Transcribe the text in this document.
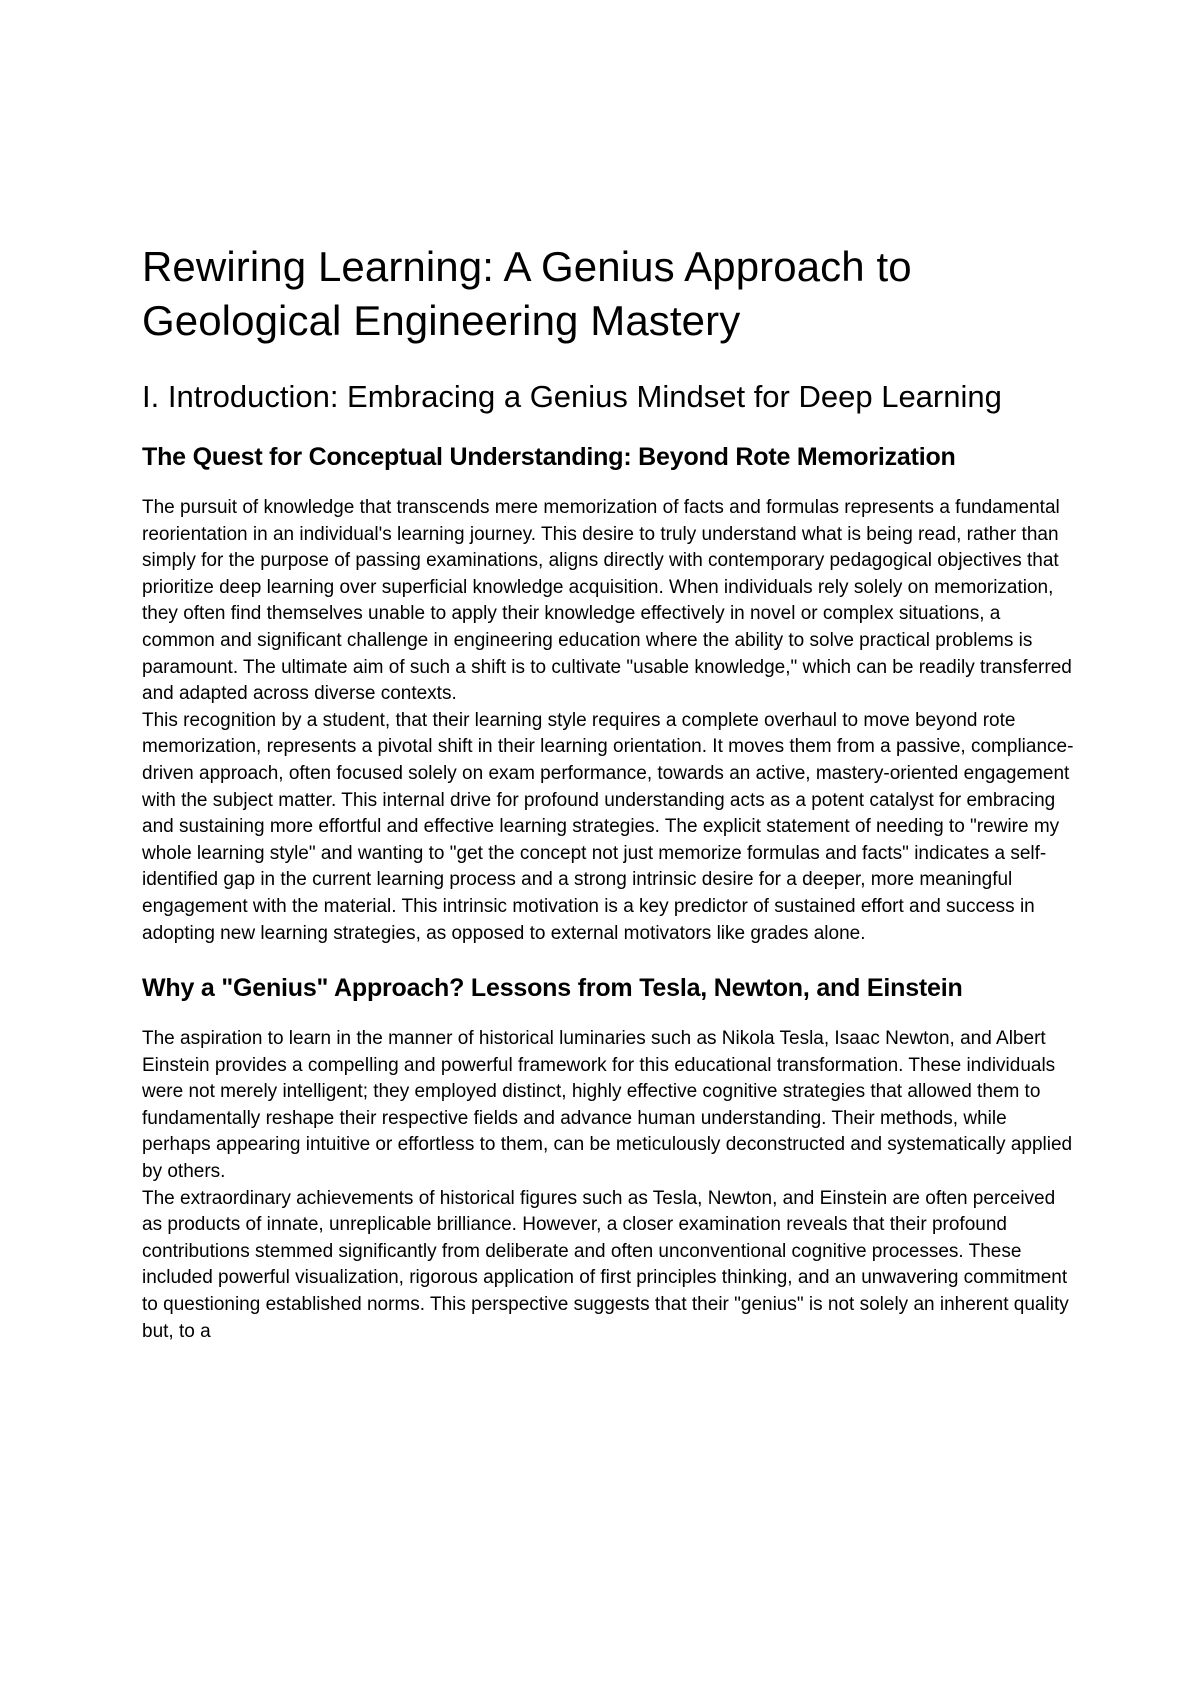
Rewiring Learning: A Genius Approach to Geological Engineering Mastery
I. Introduction: Embracing a Genius Mindset for Deep Learning
The Quest for Conceptual Understanding: Beyond Rote Memorization

The pursuit of knowledge that transcends mere memorization of facts and formulas represents a fundamental reorientation in an individual's learning journey. This desire to truly understand what is being read, rather than simply for the purpose of passing examinations, aligns directly with contemporary pedagogical objectives that prioritize deep learning over superficial knowledge acquisition. When individuals rely solely on memorization, they often find themselves unable to apply their knowledge effectively in novel or complex situations, a common and significant challenge in engineering education where the ability to solve practical problems is paramount. The ultimate aim of such a shift is to cultivate "usable knowledge," which can be readily transferred and adapted across diverse contexts.

This recognition by a student, that their learning style requires a complete overhaul to move beyond rote memorization, represents a pivotal shift in their learning orientation. It moves them from a passive, compliance-driven approach, often focused solely on exam performance, towards an active, mastery-oriented engagement with the subject matter. This internal drive for profound understanding acts as a potent catalyst for embracing and sustaining more effortful and effective learning strategies. The explicit statement of needing to "rewire my whole learning style" and wanting to "get the concept not just memorize formulas and facts" indicates a self-identified gap in the current learning process and a strong intrinsic desire for a deeper, more meaningful engagement with the material. This intrinsic motivation is a key predictor of sustained effort and success in adopting new learning strategies, as opposed to external motivators like grades alone.

Why a "Genius" Approach? Lessons from Tesla, Newton, and Einstein

The aspiration to learn in the manner of historical luminaries such as Nikola Tesla, Isaac Newton, and Albert Einstein provides a compelling and powerful framework for this educational transformation. These individuals were not merely intelligent; they employed distinct, highly effective cognitive strategies that allowed them to fundamentally reshape their respective fields and advance human understanding. Their methods, while perhaps appearing intuitive or effortless to them, can be meticulously deconstructed and systematically applied by others.

The extraordinary achievements of historical figures such as Tesla, Newton, and Einstein are often perceived as products of innate, unreplicable brilliance. However, a closer examination reveals that their profound contributions stemmed significantly from deliberate and often unconventional cognitive processes. These included powerful visualization, rigorous application of first principles thinking, and an unwavering commitment to questioning established norms. This perspective suggests that their "genius" is not solely an inherent quality but, to a
